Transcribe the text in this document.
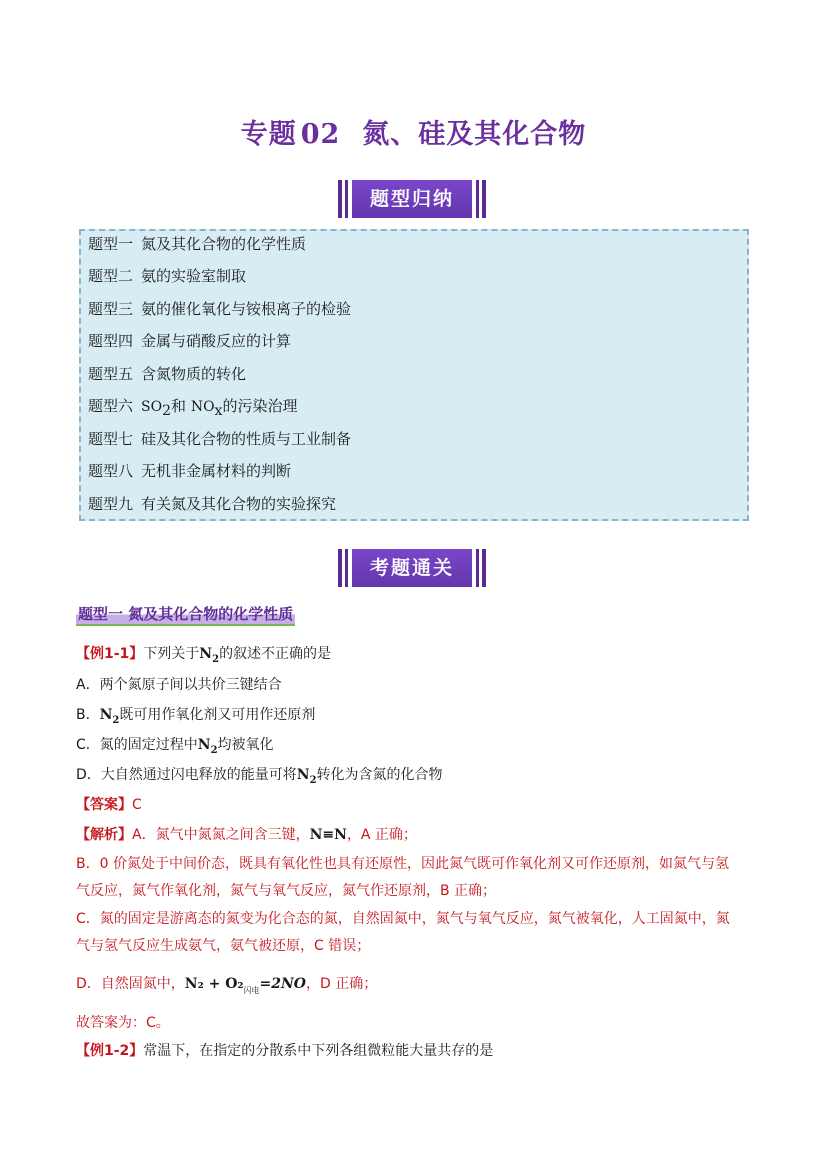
专题 02 氮、硅及其化合物
题型归纳
题型一 氮及其化合物的化学性质
题型二 氨的实验室制取
题型三 氨的催化氧化与铵根离子的检验
题型四 金属与硝酸反应的计算
题型五 含氮物质的转化
题型六 $SO_2$和 $NO_x$的污染治理
题型七 硅及其化合物的性质与工业制备
题型八 无机非金属材料的判断
题型九 有关氮及其化合物的实验探究
考题通关
题型一 氮及其化合物的化学性质
【例1-1】下列关于$N_2$的叙述不正确的是
A．两个氮原子间以共价三键结合
B．$N_2$既可用作氧化剂又可用作还原剂
C．氮的固定过程中$N_2$均被氧化
D．大自然通过闪电释放的能量可将$N_2$转化为含氮的化合物
【答案】C
【解析】A．氮气中氮氮之间含三键，N≡N，A 正确；
B．0 价氮处于中间价态，既具有氧化性也具有还原性，因此氮气既可作氧化剂又可作还原剂，如氮气与氢
气反应，氮气作氧化剂，氮气与氧气反应，氮气作还原剂，B 正确；
C．氮的固定是游离态的氮变为化合态的氮，自然固氮中，氮气与氧气反应，氮气被氧化，人工固氮中，氮
气与氢气反应生成氨气，氨气被还原，C 错误；
D．自然固氮中，$N_2 + O_2_{闪电}=2NO$，D 正确；
故答案为：C。
【例1-2】常温下，在指定的分散系中下列各组微粒能大量共存的是
